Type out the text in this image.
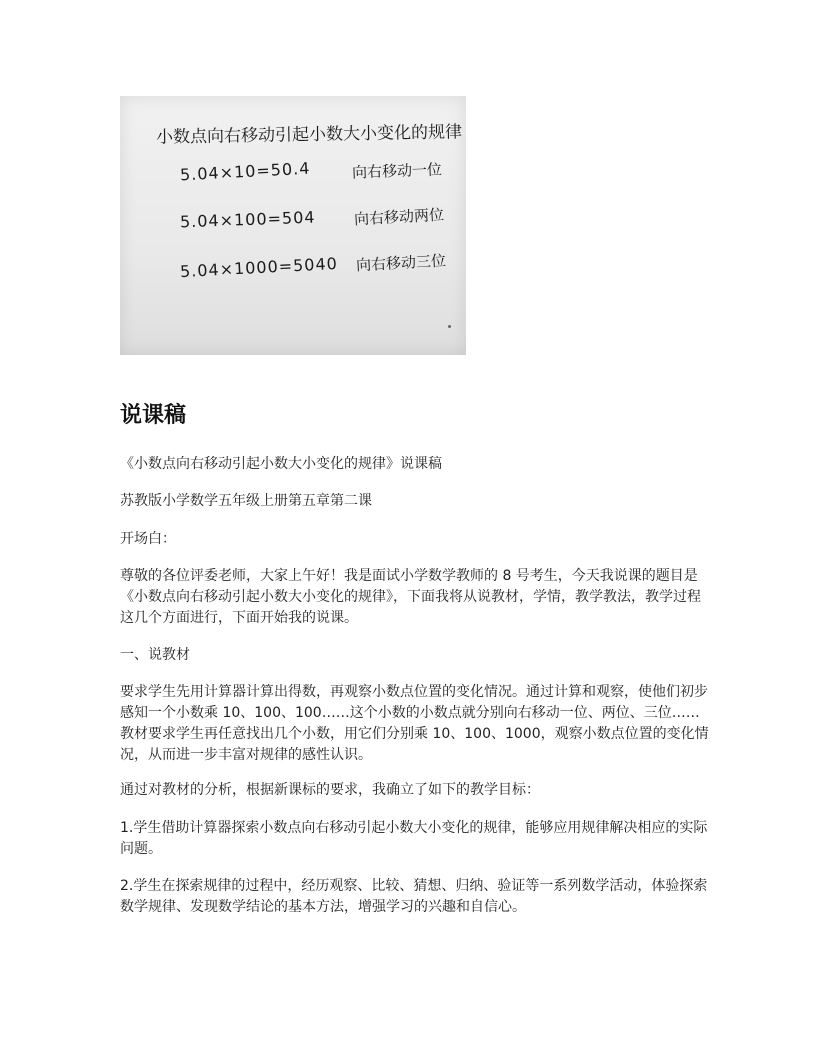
小数点向右移动引起小数大小变化的规律
5.04×10=50.4
5.04×100=504
5.04×1000=5040
向右移动一位
向右移动两位
向右移动三位
说课稿

《小数点向右移动引起小数大小变化的规律》说课稿

苏教版小学数学五年级上册第五章第二课

开场白：

尊敬的各位评委老师，大家上午好！我是面试小学数学教师的 8 号考生，今天我说课的题目是《小数点向右移动引起小数大小变化的规律》，下面我将从说教材，学情，教学教法，教学过程这几个方面进行，下面开始我的说课。

一、说教材

要求学生先用计算器计算出得数，再观察小数点位置的变化情况。通过计算和观察，使他们初步感知一个小数乘 10、100、100……这个小数的小数点就分别向右移动一位、两位、三位……教材要求学生再任意找出几个小数，用它们分别乘 10、100、1000，观察小数点位置的变化情况，从而进一步丰富对规律的感性认识。

通过对教材的分析，根据新课标的要求，我确立了如下的教学目标：

1.学生借助计算器探索小数点向右移动引起小数大小变化的规律，能够应用规律解决相应的实际问题。

2.学生在探索规律的过程中，经历观察、比较、猜想、归纳、验证等一系列数学活动，体验探索数学规律、发现数学结论的基本方法，增强学习的兴趣和自信心。
